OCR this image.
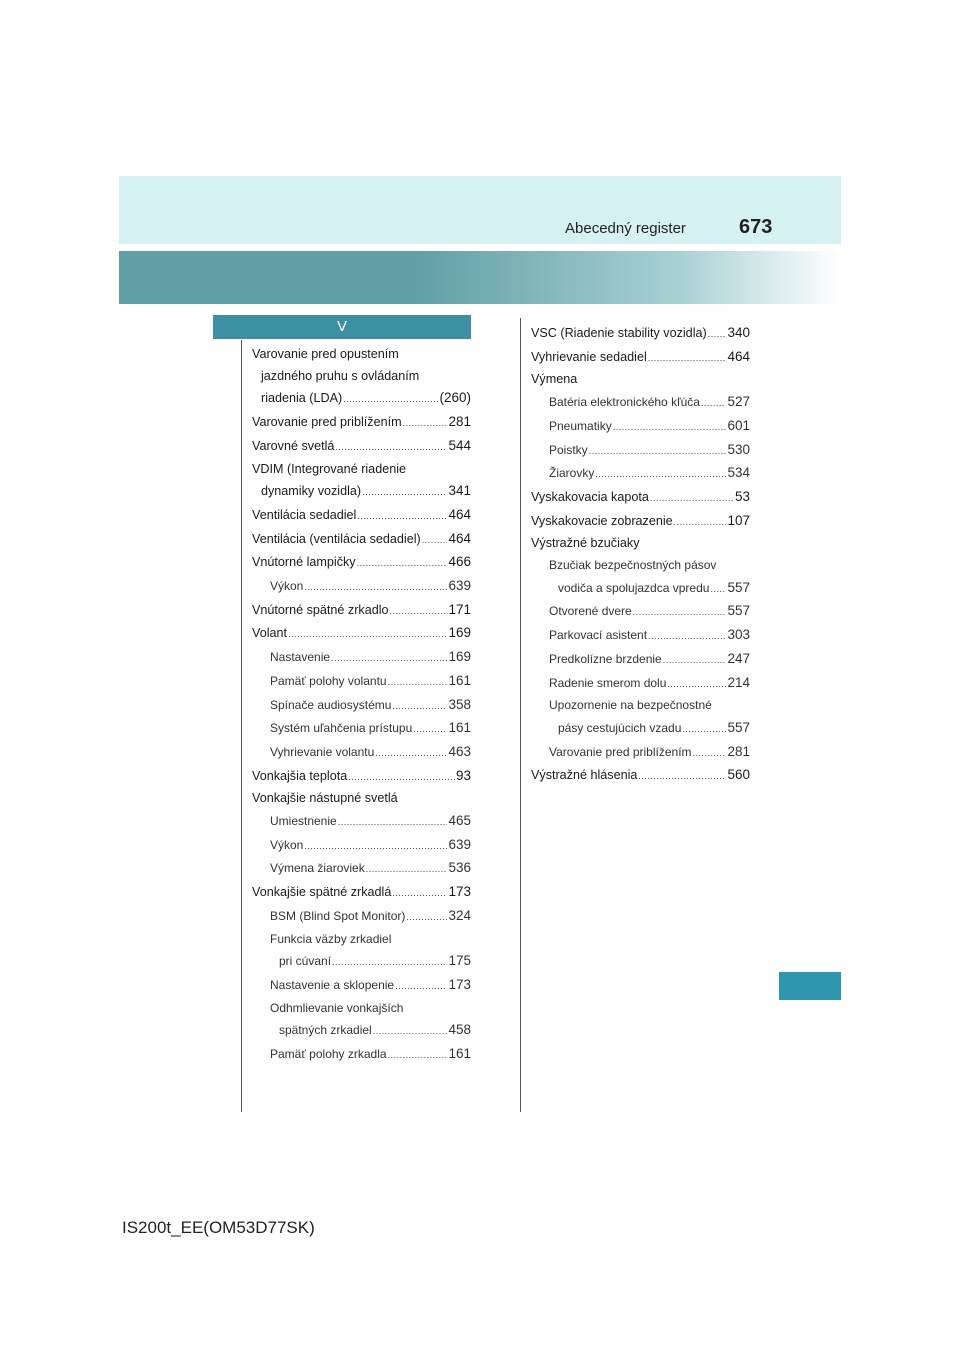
Abecedný register	673
V
Varovanie pred opustením
jazdného pruhu s ovládaním
riadenia (LDA) .....	(260)
Varovanie pred priblížením .....	281
Varovné svetlá .....	544
VDIM (Integrované riadenie
dynamiky vozidla) .....	341
Ventilácia sedadiel .....	464
Ventilácia (ventilácia sedadiel) ..... 464
Vnútorné lampičky .....	466
Výkon .....	639
Vnútorné spätné zrkadlo .....	171
Volant .....	169
Nastavenie .....	169
Pamäť polohy volantu .....	161
Spínače audiosystému .....	358
Systém uľahčenia prístupu .....	161
Vyhrievanie volantu .....	463
Vonkajšia teplota .....	93
Vonkajšie nástupné svetlá
Umiestnenie .....	465
Výkon .....	639
Výmena žiaroviek .....	536
Vonkajšie spätné zrkadlá .....	173
BSM (Blind Spot Monitor) .....	324
Funkcia väzby zrkadiel
pri cúvaní .....	175
Nastavenie a sklopenie .....	173
Odhmlievanie vonkajších
spätných zrkadiel .....	458
Pamäť polohy zrkadla .....	161
VSC (Riadenie stability vozidla) ..... 340
Vyhrievanie sedadiel .....	464
Výmena
Batéria elektronického kľúča ..... 527
Pneumatiky .....	601
Poistky .....	530
Žiarovky .....	534
Vyskakovacia kapota .....	53
Vyskakovacie zobrazenie .....	107
Výstražné bzučiaky
Bzučiak bezpečnostných pásov
vodiča a spolujazdca vpredu ..... 557
Otvorené dvere .....	557
Parkovací asistent .....	303
Predkolízne brzdenie .....	247
Radenie smerom dolu .....	214
Upozornenie na bezpečnostné
pásy cestujúcich vzadu .....	557
Varovanie pred priblížením .....	281
Výstražné hlásenia .....	560
IS200t_EE(OM53D77SK)
